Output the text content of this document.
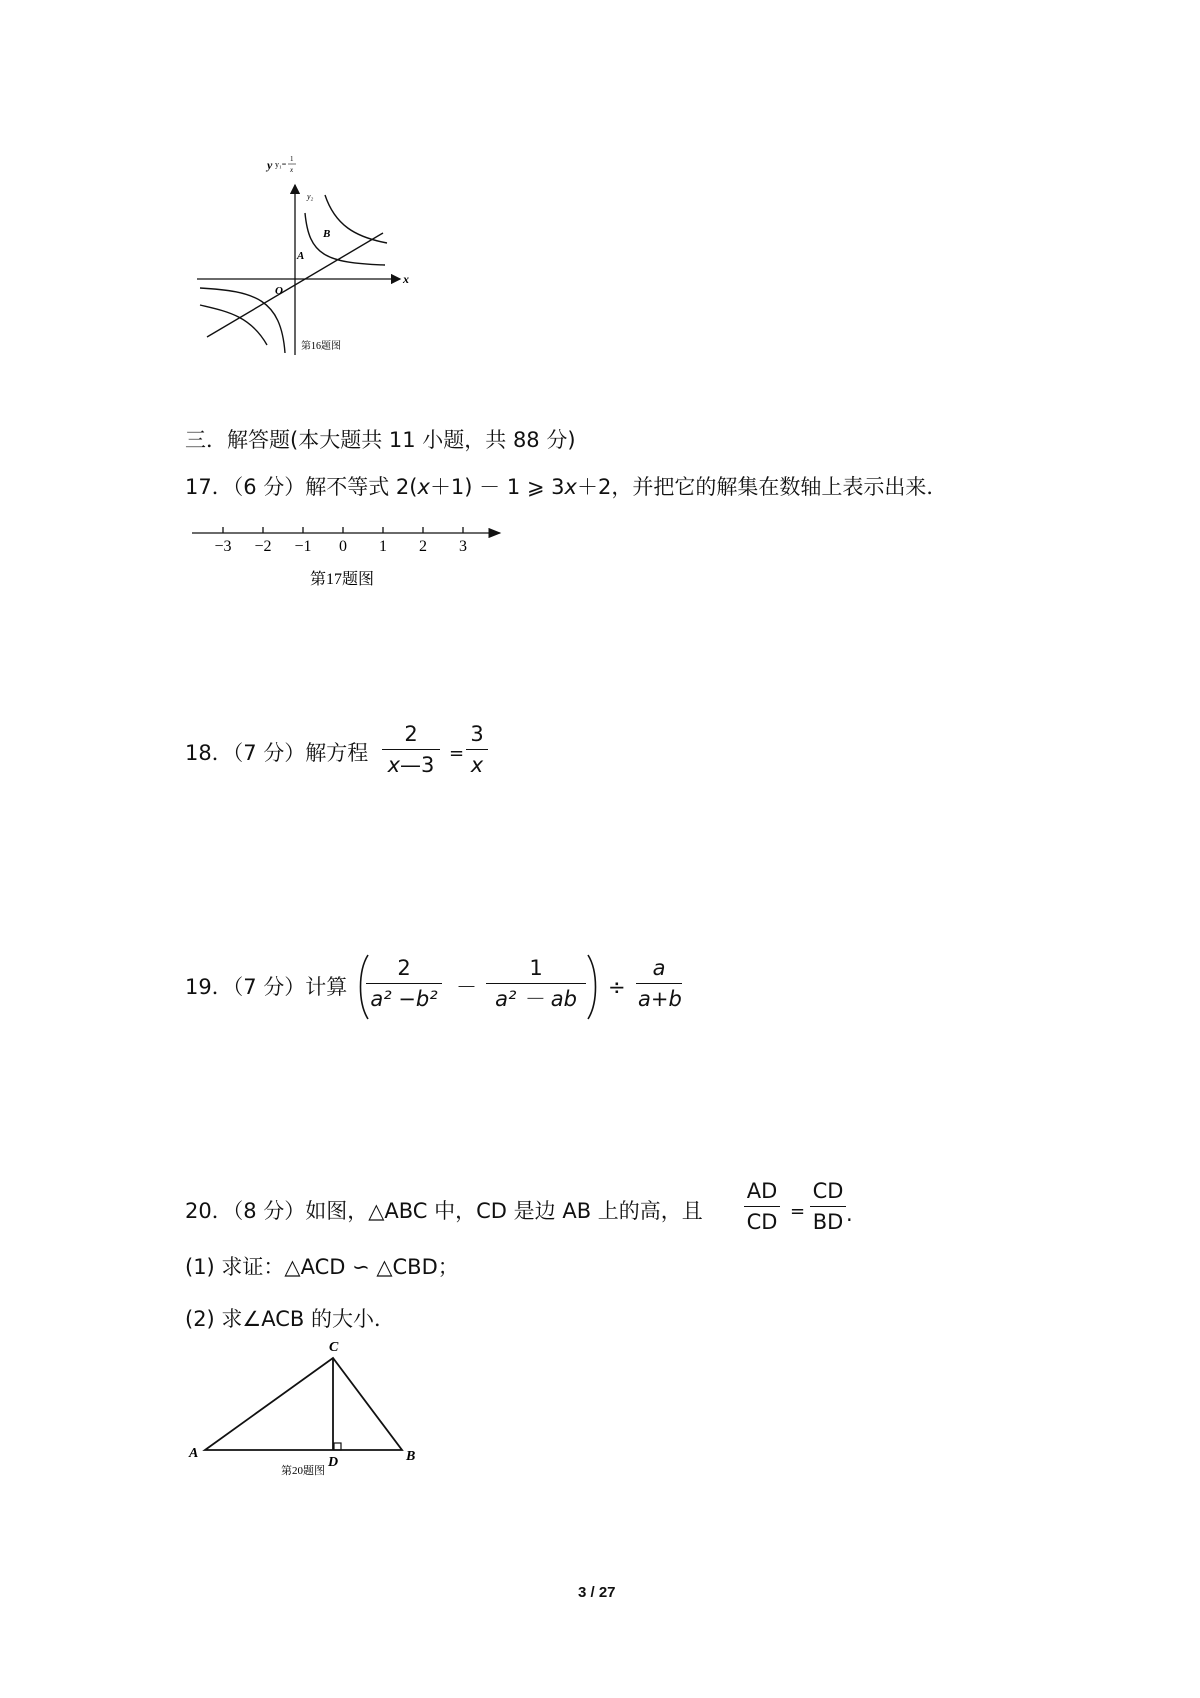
y y₁=
1
x
y₂
A
B
O
x
第16题图
三．解答题(本大题共 11 小题，共 88 分)
17．（6 分）解不等式 2(x＋1) － 1 ⩾ 3x＋2，并把它的解集在数轴上表示出来．
−3 −2 −1 0 1 2 3
第17题图
18．（7 分）解方程
2
x—3 =
3
x
19．（7 分）计算
2
a² −b² －
1
a² － ab	÷
a
a+b
20．（8 分）如图，△ABC 中，CD 是边 AB 上的高，且
AD
CD =
CD
BD .
(1) 求证：△ACD ∽ △CBD；
(2) 求∠ACB 的大小．
C
A
D	B
第20题图
3 / 27
